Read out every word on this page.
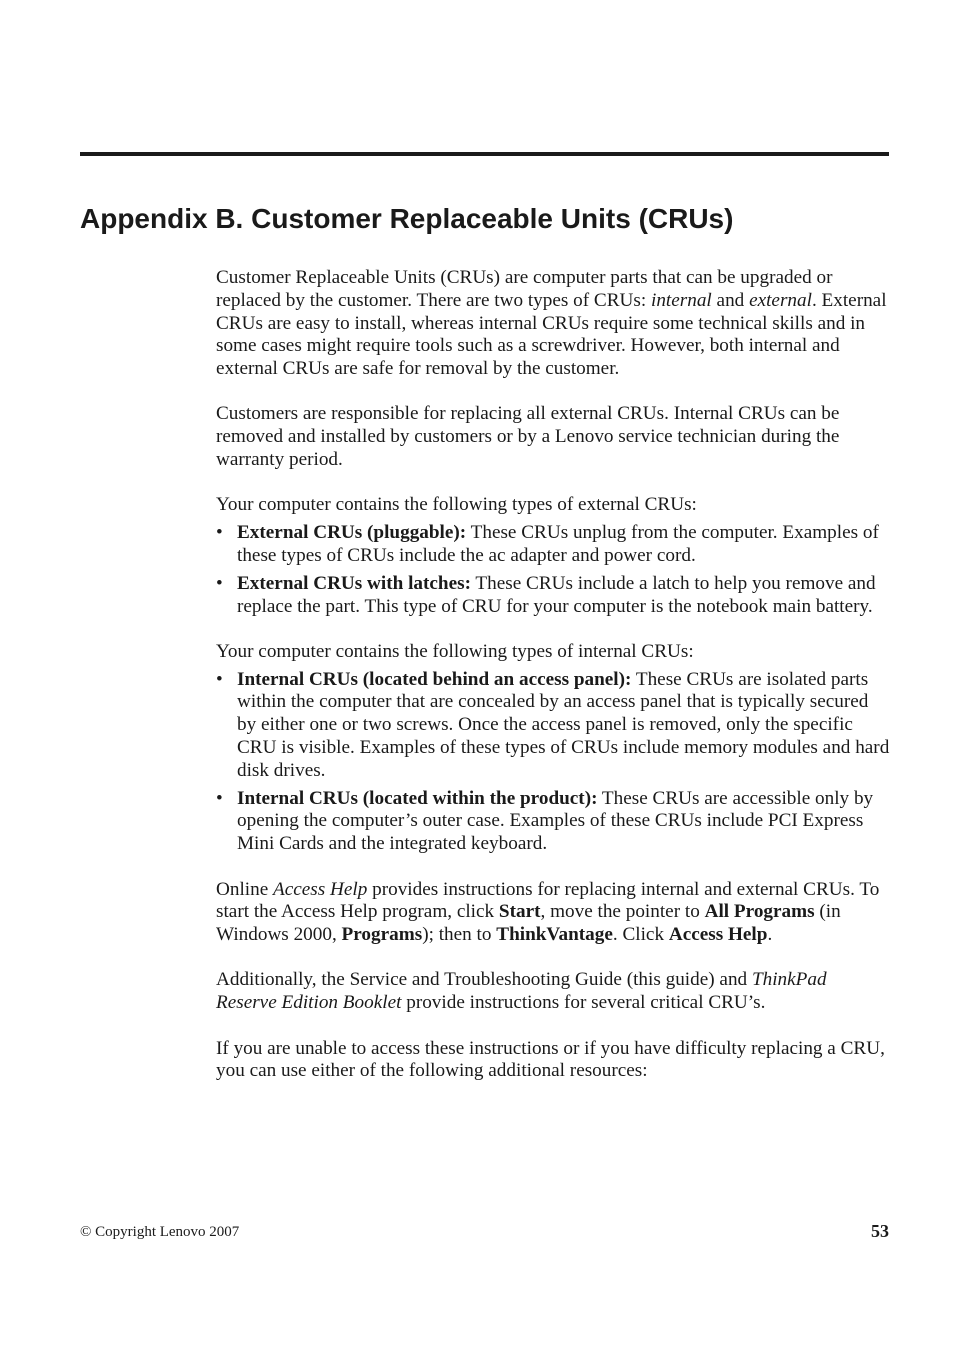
Appendix B. Customer Replaceable Units (CRUs)

Customer Replaceable Units (CRUs) are computer parts that can be upgraded or replaced by the customer. There are two types of CRUs: internal and external. External CRUs are easy to install, whereas internal CRUs require some technical skills and in some cases might require tools such as a screwdriver. However, both internal and external CRUs are safe for removal by the customer.

Customers are responsible for replacing all external CRUs. Internal CRUs can be removed and installed by customers or by a Lenovo service technician during the warranty period.

Your computer contains the following types of external CRUs:

• External CRUs (pluggable): These CRUs unplug from the computer. Examples of these types of CRUs include the ac adapter and power cord.
• External CRUs with latches: These CRUs include a latch to help you remove and replace the part. This type of CRU for your computer is the notebook main battery.

Your computer contains the following types of internal CRUs:

• Internal CRUs (located behind an access panel): These CRUs are isolated parts within the computer that are concealed by an access panel that is typically secured by either one or two screws. Once the access panel is removed, only the specific CRU is visible. Examples of these types of CRUs include memory modules and hard disk drives.
• Internal CRUs (located within the product): These CRUs are accessible only by opening the computer’s outer case. Examples of these CRUs include PCI Express Mini Cards and the integrated keyboard.

Online Access Help provides instructions for replacing internal and external CRUs. To start the Access Help program, click Start, move the pointer to All Programs (in Windows 2000, Programs); then to ThinkVantage. Click Access Help.

Additionally, the Service and Troubleshooting Guide (this guide) and ThinkPad Reserve Edition Booklet provide instructions for several critical CRU’s.

If you are unable to access these instructions or if you have difficulty replacing a CRU, you can use either of the following additional resources:

© Copyright Lenovo 2007	53
